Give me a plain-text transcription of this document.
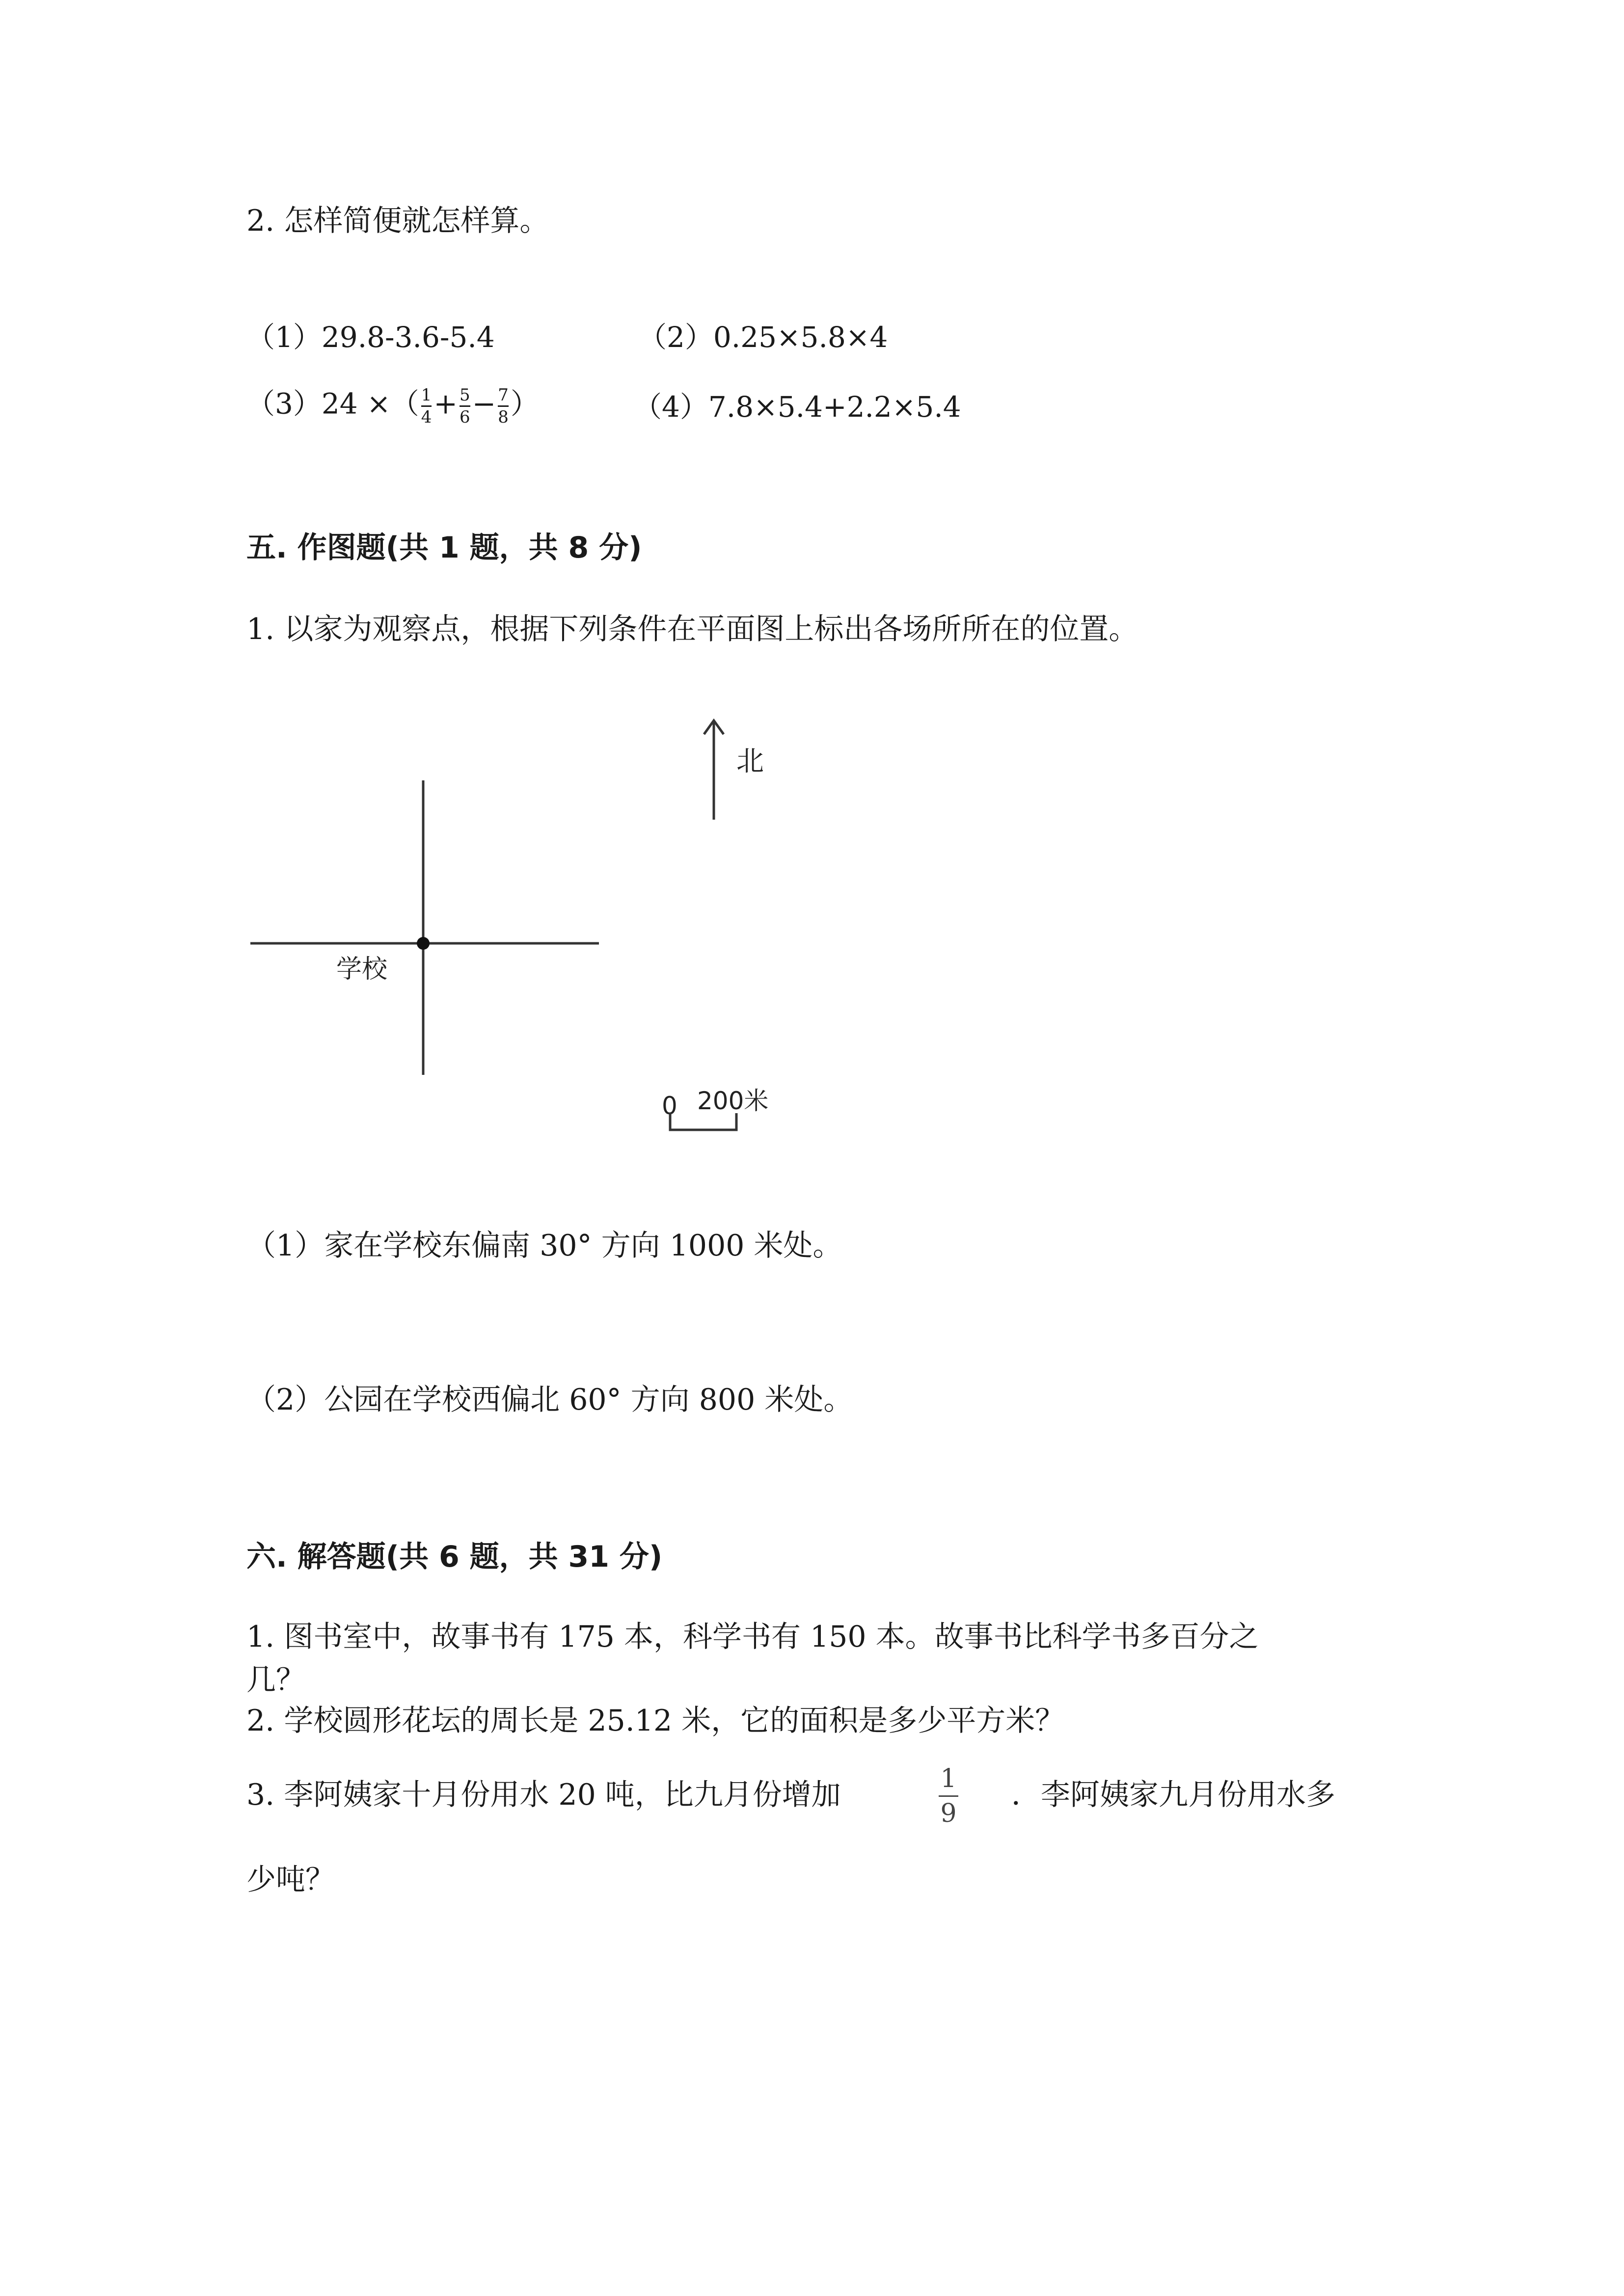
2. 怎样简便就怎样算。
（1）29.8-3.6-5.4	（2）0.25×5.8×4
（3）24 ×（ $\frac{1}{4} + \frac{5}{6} - \frac{7}{8}$ ）	（4）7.8×5.4+2.2×5.4
五. 作图题(共 1 题，共 8 分)
1. 以家为观察点，根据下列条件在平面图上标出各场所所在的位置。
学校
北
0 200米
（1）家在学校东偏南 30° 方向 1000 米处。
（2）公园在学校西偏北 60° 方向 800 米处。
六. 解答题(共 6 题，共 31 分)
1. 图书室中，故事书有 175 本，科学书有 150 本。故事书比科学书多百分之
几？
2. 学校圆形花坛的周长是 25.12 米，它的面积是多少平方米？
3. 李阿姨家十月份用水 20 吨，比九月份增加	1
9
．李阿姨家九月份用水多
少吨？
